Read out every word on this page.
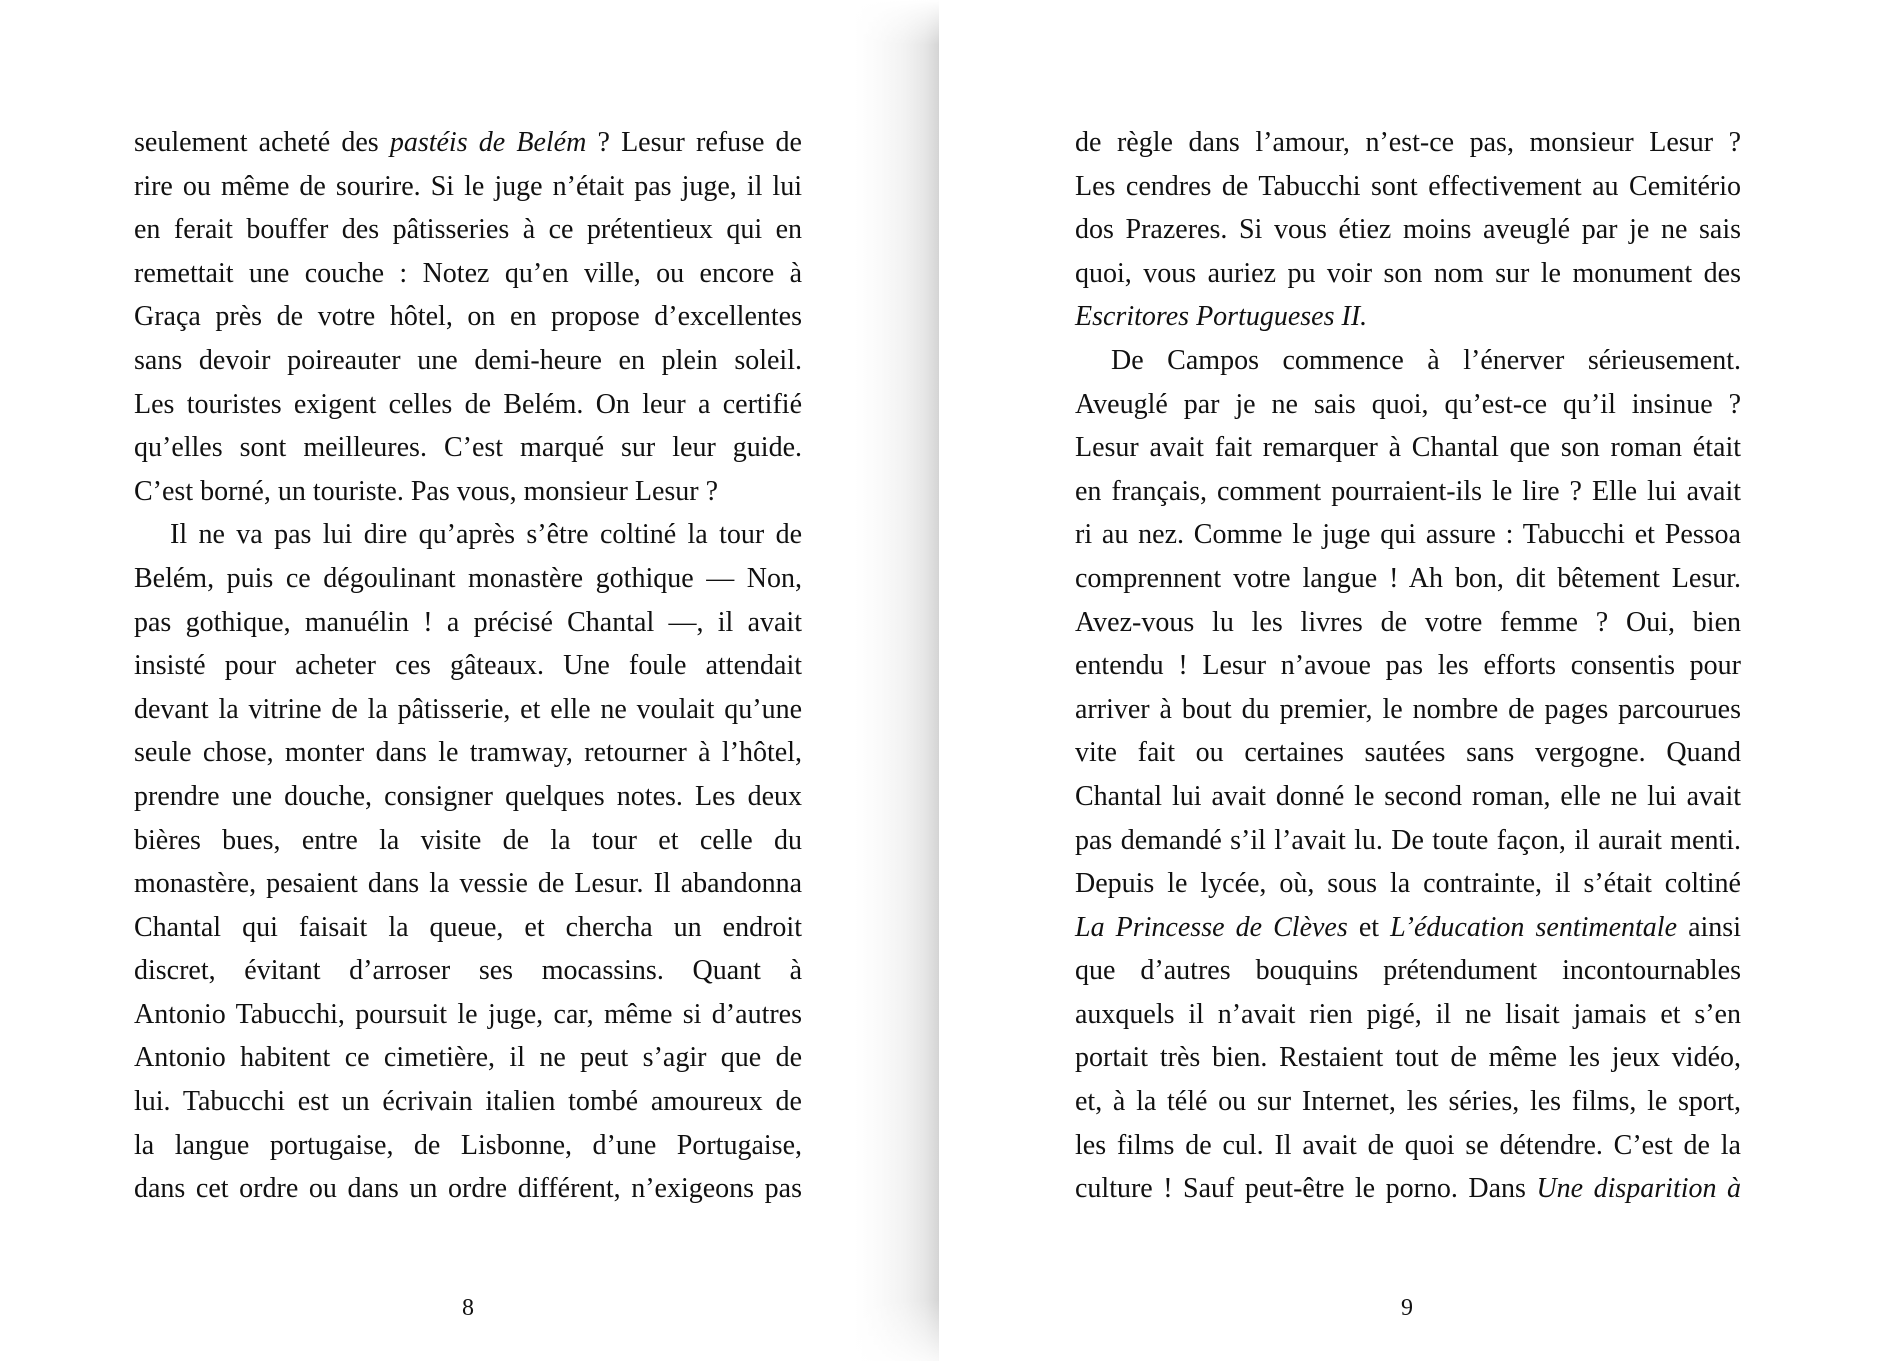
seulement acheté des pastéis de Belém ? Lesur refuse de
rire ou même de sourire. Si le juge n’était pas juge, il lui
en ferait bouffer des pâtisseries à ce prétentieux qui en
remettait une couche : Notez qu’en ville, ou encore à
Graça près de votre hôtel, on en propose d’excellentes
sans devoir poireauter une demi-heure en plein soleil.
Les touristes exigent celles de Belém. On leur a certifié
qu’elles sont meilleures. C’est marqué sur leur guide.
C’est borné, un touriste. Pas vous, monsieur Lesur ?
Il ne va pas lui dire qu’après s’être coltiné la tour de
Belém, puis ce dégoulinant monastère gothique — Non,
pas gothique, manuélin ! a précisé Chantal —, il avait
insisté pour acheter ces gâteaux. Une foule attendait
devant la vitrine de la pâtisserie, et elle ne voulait qu’une
seule chose, monter dans le tramway, retourner à l’hôtel,
prendre une douche, consigner quelques notes. Les deux
bières bues, entre la visite de la tour et celle du
monastère, pesaient dans la vessie de Lesur. Il abandonna
Chantal qui faisait la queue, et chercha un endroit
discret, évitant d’arroser ses mocassins. Quant à
Antonio Tabucchi, poursuit le juge, car, même si d’autres
Antonio habitent ce cimetière, il ne peut s’agir que de
lui. Tabucchi est un écrivain italien tombé amoureux de
la langue portugaise, de Lisbonne, d’une Portugaise,
dans cet ordre ou dans un ordre différent, n’exigeons pas
8
de règle dans l’amour, n’est-ce pas, monsieur Lesur ?
Les cendres de Tabucchi sont effectivement au Cemitério
dos Prazeres. Si vous étiez moins aveuglé par je ne sais
quoi, vous auriez pu voir son nom sur le monument des
Escritores Portugueses II.
De Campos commence à l’énerver sérieusement.
Aveuglé par je ne sais quoi, qu’est-ce qu’il insinue ?
Lesur avait fait remarquer à Chantal que son roman était
en français, comment pourraient-ils le lire ? Elle lui avait
ri au nez. Comme le juge qui assure : Tabucchi et Pessoa
comprennent votre langue ! Ah bon, dit bêtement Lesur.
Avez-vous lu les livres de votre femme ? Oui, bien
entendu ! Lesur n’avoue pas les efforts consentis pour
arriver à bout du premier, le nombre de pages parcourues
vite fait ou certaines sautées sans vergogne. Quand
Chantal lui avait donné le second roman, elle ne lui avait
pas demandé s’il l’avait lu. De toute façon, il aurait menti.
Depuis le lycée, où, sous la contrainte, il s’était coltiné
La Princesse de Clèves et L’éducation sentimentale ainsi
que d’autres bouquins prétendument incontournables
auxquels il n’avait rien pigé, il ne lisait jamais et s’en
portait très bien. Restaient tout de même les jeux vidéo,
et, à la télé ou sur Internet, les séries, les films, le sport,
les films de cul. Il avait de quoi se détendre. C’est de la
culture ! Sauf peut-être le porno. Dans Une disparition à
9
